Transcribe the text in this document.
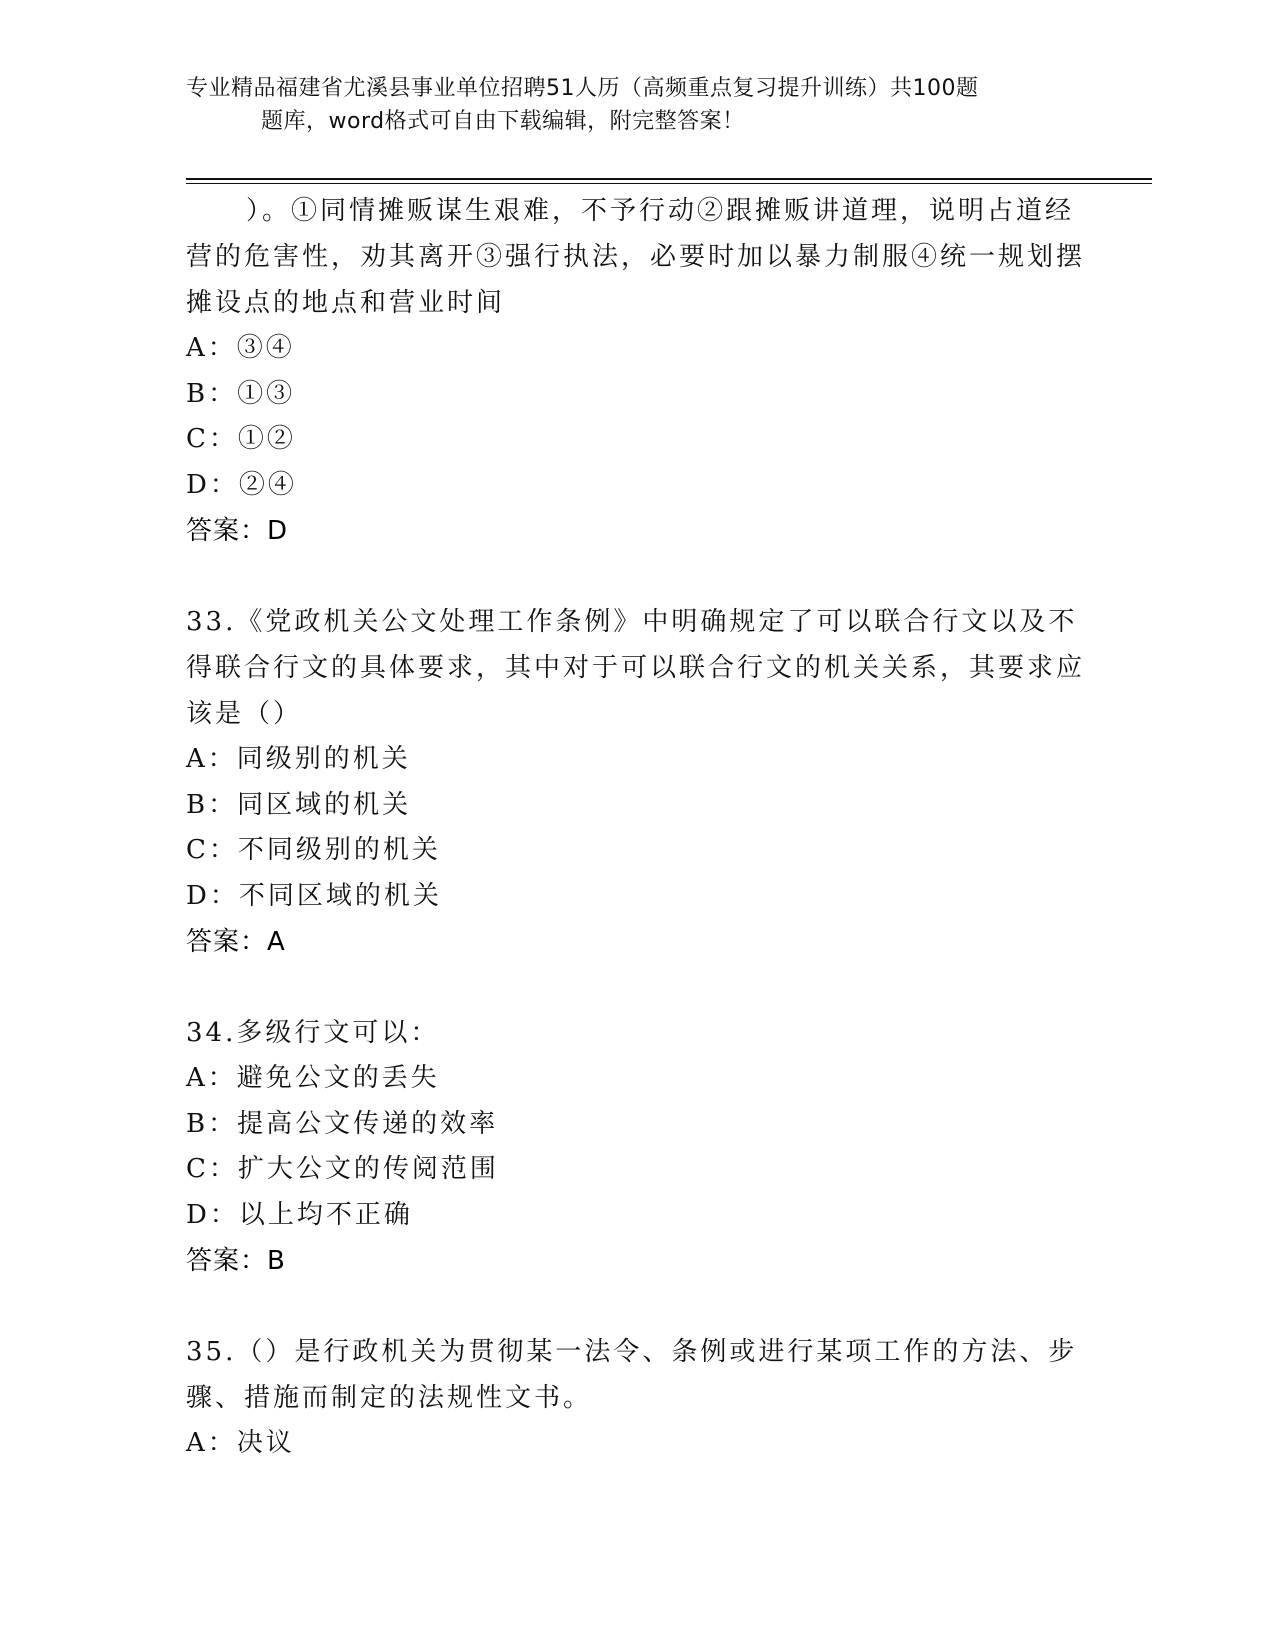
专业精品福建省尤溪县事业单位招聘51人历（高频重点复习提升训练）共100题
题库，word格式可自由下载编辑，附完整答案！
）。①同情摊贩谋生艰难，不予行动②跟摊贩讲道理，说明占道经营的危害性，劝其离开③强行执法，必要时加以暴力制服④统一规划摆摊设点的地点和营业时间
A：③④
B：①③
C：①②
D：②④
答案：D
33.《党政机关公文处理工作条例》中明确规定了可以联合行文以及不得联合行文的具体要求，其中对于可以联合行文的机关关系，其要求应该是（）
A：同级别的机关
B：同区域的机关
C：不同级别的机关
D：不同区域的机关
答案：A
34.多级行文可以：
A：避免公文的丢失
B：提高公文传递的效率
C：扩大公文的传阅范围
D：以上均不正确
答案：B
35.（）是行政机关为贯彻某一法令、条例或进行某项工作的方法、步骤、措施而制定的法规性文书。
A：决议
